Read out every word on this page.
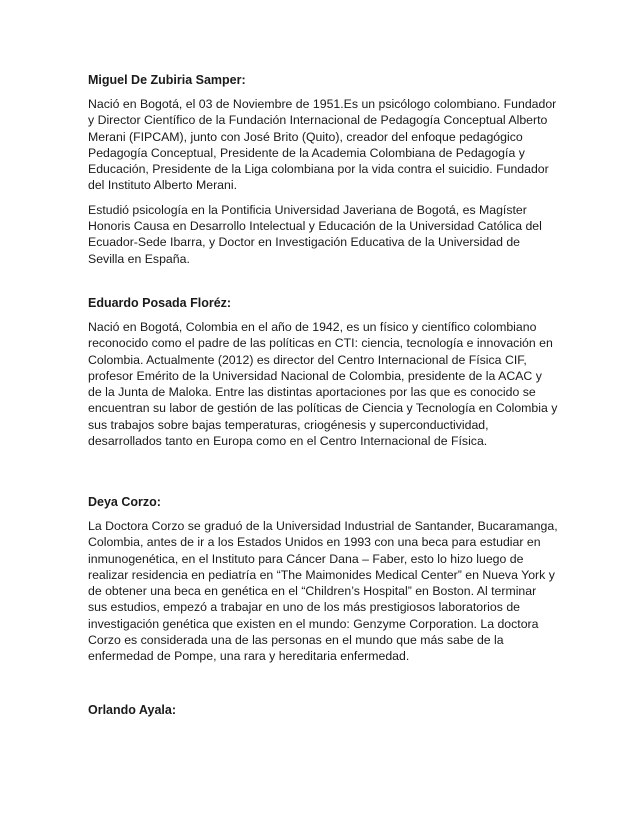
Miguel De Zubiria Samper:

Nació en Bogotá, el 03 de Noviembre de 1951.Es un psicólogo colombiano. Fundador y Director Científico de la Fundación Internacional de Pedagogía Conceptual Alberto Merani (FIPCAM), junto con José Brito (Quito), creador del enfoque pedagógico Pedagogía Conceptual, Presidente de la Academia Colombiana de Pedagogía y Educación, Presidente de la Liga colombiana por la vida contra el suicidio. Fundador del Instituto Alberto Merani.

Estudió psicología en la Pontificia Universidad Javeriana de Bogotá, es Magíster Honoris Causa en Desarrollo Intelectual y Educación de la Universidad Católica del Ecuador-Sede Ibarra, y Doctor en Investigación Educativa de la Universidad de Sevilla en España.

Eduardo Posada Floréz:

Nació en Bogotá, Colombia en el año de 1942, es un físico y científico colombiano reconocido como el padre de las políticas en CTI: ciencia, tecnología e innovación en Colombia. Actualmente (2012) es director del Centro Internacional de Física CIF, profesor Emérito de la Universidad Nacional de Colombia, presidente de la ACAC y de la Junta de Maloka. Entre las distintas aportaciones por las que es conocido se encuentran su labor de gestión de las políticas de Ciencia y Tecnología en Colombia y sus trabajos sobre bajas temperaturas, criogénesis y superconductividad, desarrollados tanto en Europa como en el Centro Internacional de Física.

Deya Corzo:

La Doctora Corzo se graduó de la Universidad Industrial de Santander, Bucaramanga, Colombia, antes de ir a los Estados Unidos en 1993 con una beca para estudiar en inmunogenética, en el Instituto para Cáncer Dana – Faber, esto lo hizo luego de realizar residencia en pediatría en “The Maimonides Medical Center” en Nueva York y de obtener una beca en genética en el “Children’s Hospital” en Boston. Al terminar sus estudios, empezó a trabajar en uno de los más prestigiosos laboratorios de investigación genética que existen en el mundo: Genzyme Corporation. La doctora Corzo es considerada una de las personas en el mundo que más sabe de la enfermedad de Pompe, una rara y hereditaria enfermedad.

Orlando Ayala:
